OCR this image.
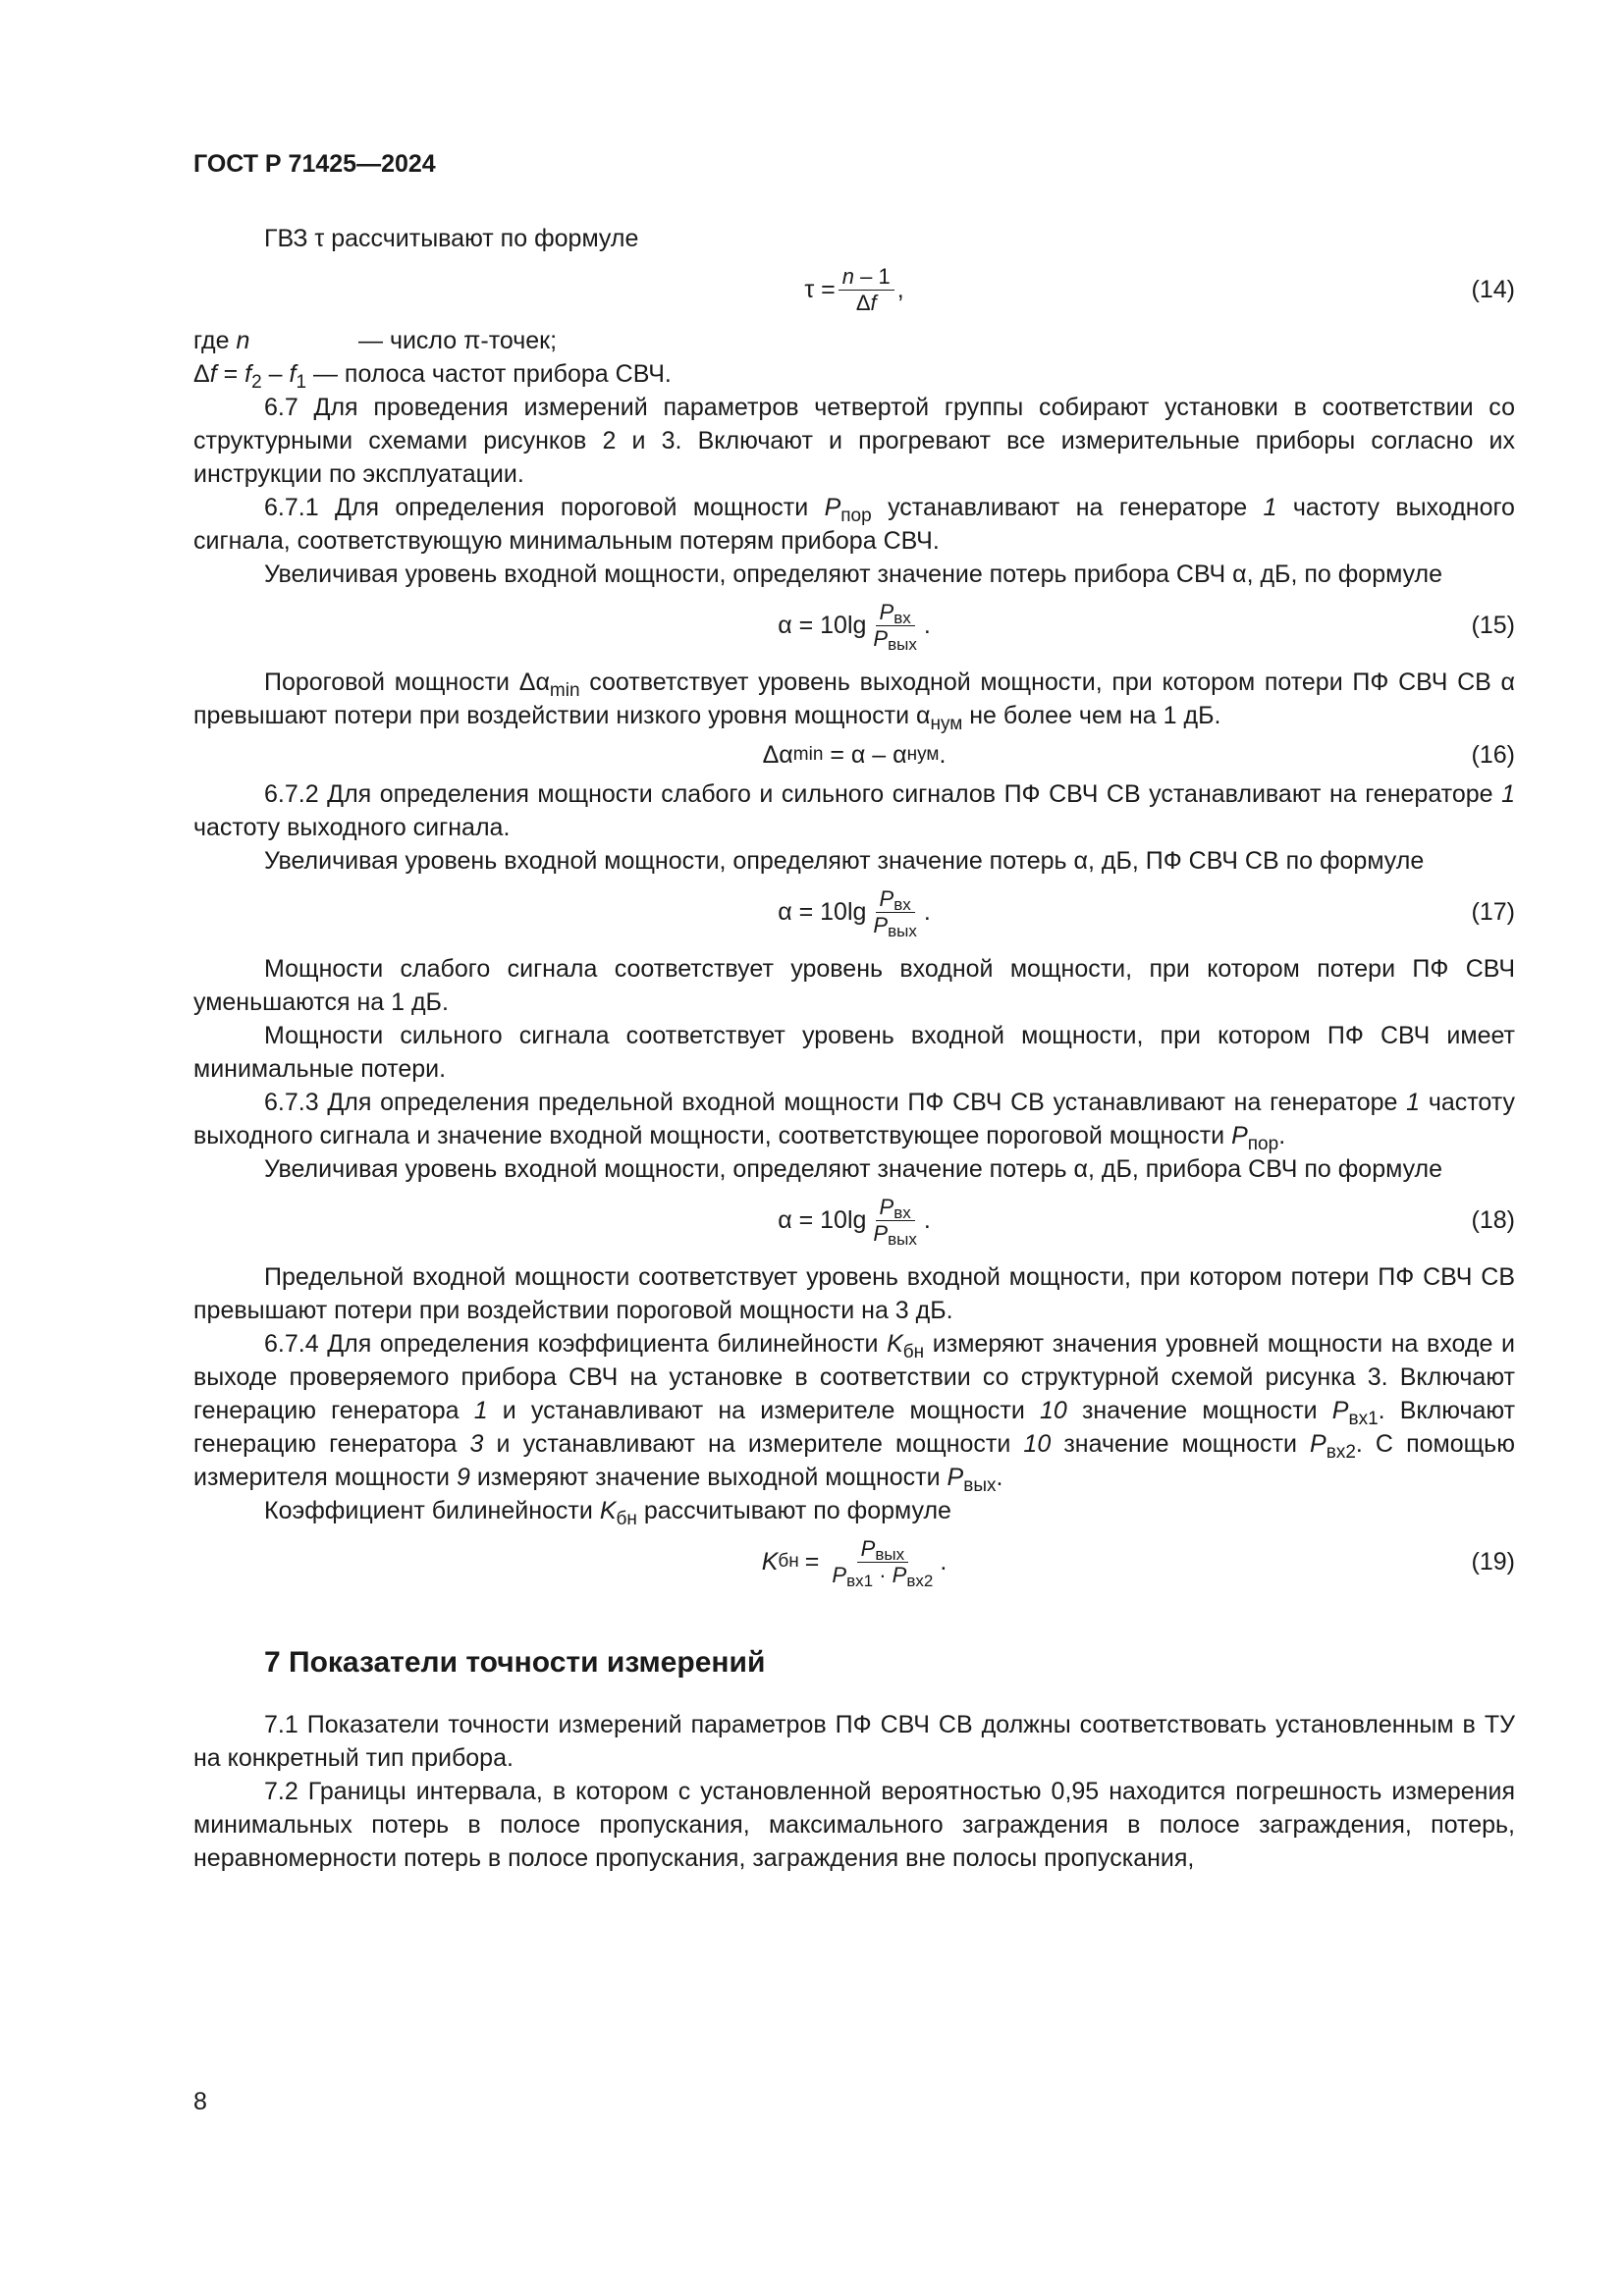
ГОСТ Р 71425—2024

ГВЗ τ рассчитывают по формуле

$\tau = \frac{n - 1}{\Delta f}$ ,	(14)
где n	— число π-точек;

$\Delta f = f_2 - f_1$ — полоса частот прибора СВЧ.

6.7 Для проведения измерений параметров четвертой группы собирают установки в соответствии со структурными схемами рисунков 2 и 3. Включают и прогревают все измерительные приборы согласно их инструкции по эксплуатации.

6.7.1 Для определения пороговой мощности $P_{пор}$ устанавливают на генераторе 1 частоту выходного сигнала, соответствующую минимальным потерям прибора СВЧ.

Увеличивая уровень входной мощности, определяют значение потерь прибора СВЧ α, дБ, по формуле

$\alpha = 10\lg \frac{P_{вх}}{P_{вых}}$ .	(15)

Пороговой мощности $\Delta\alpha_{min}$ соответствует уровень выходной мощности, при котором потери ПФ СВЧ СВ α превышают потери при воздействии низкого уровня мощности $\alpha_{нум}$ не более чем на 1 дБ.

Δα min = α – α нум .	(16)

6.7.2 Для определения мощности слабого и сильного сигналов ПФ СВЧ СВ устанавливают на генераторе 1 частоту выходного сигнала.

Увеличивая уровень входной мощности, определяют значение потерь α, дБ, ПФ СВЧ СВ по формуле

$\alpha = 10\lg \frac{P_{вх}}{P_{вых}}$ .	(17)

Мощности слабого сигнала соответствует уровень входной мощности, при котором потери ПФ СВЧ уменьшаются на 1 дБ.

Мощности сильного сигнала соответствует уровень входной мощности, при котором ПФ СВЧ имеет минимальные потери.

6.7.3 Для определения предельной входной мощности ПФ СВЧ СВ устанавливают на генераторе 1 частоту выходного сигнала и значение входной мощности, соответствующее пороговой мощности $P_{пор}$.

Увеличивая уровень входной мощности, определяют значение потерь α, дБ, прибора СВЧ по формуле

$\alpha = 10\lg \frac{P_{вх}}{P_{вых}}$ .	(18)

Предельной входной мощности соответствует уровень входной мощности, при котором потери ПФ СВЧ СВ превышают потери при воздействии пороговой мощности на 3 дБ.

6.7.4 Для определения коэффициента билинейности $K_{бн}$ измеряют значения уровней мощности на входе и выходе проверяемого прибора СВЧ на установке в соответствии со структурной схемой рисунка 3. Включают генерацию генератора 1 и устанавливают на измерителе мощности 10 значение мощности $P_{вх1}$. Включают генерацию генератора 3 и устанавливают на измерителе мощности 10 значение мощности $P_{вх2}$. С помощью измерителя мощности 9 измеряют значение выходной мощности $P_{вых}$.

Коэффициент билинейности $K_{бн}$ рассчитывают по формуле

K бн = $\frac{P_{вых}}{P_{вх1} \cdot P_{вх2}}$ .	(19)
7 Показатели точности измерений

7.1 Показатели точности измерений параметров ПФ СВЧ СВ должны соответствовать установленным в ТУ на конкретный тип прибора.

7.2 Границы интервала, в котором с установленной вероятностью 0,95 находится погрешность измерения минимальных потерь в полосе пропускания, максимального заграждения в полосе заграждения, потерь, неравномерности потерь в полосе пропускания, заграждения вне полосы пропускания,

8
